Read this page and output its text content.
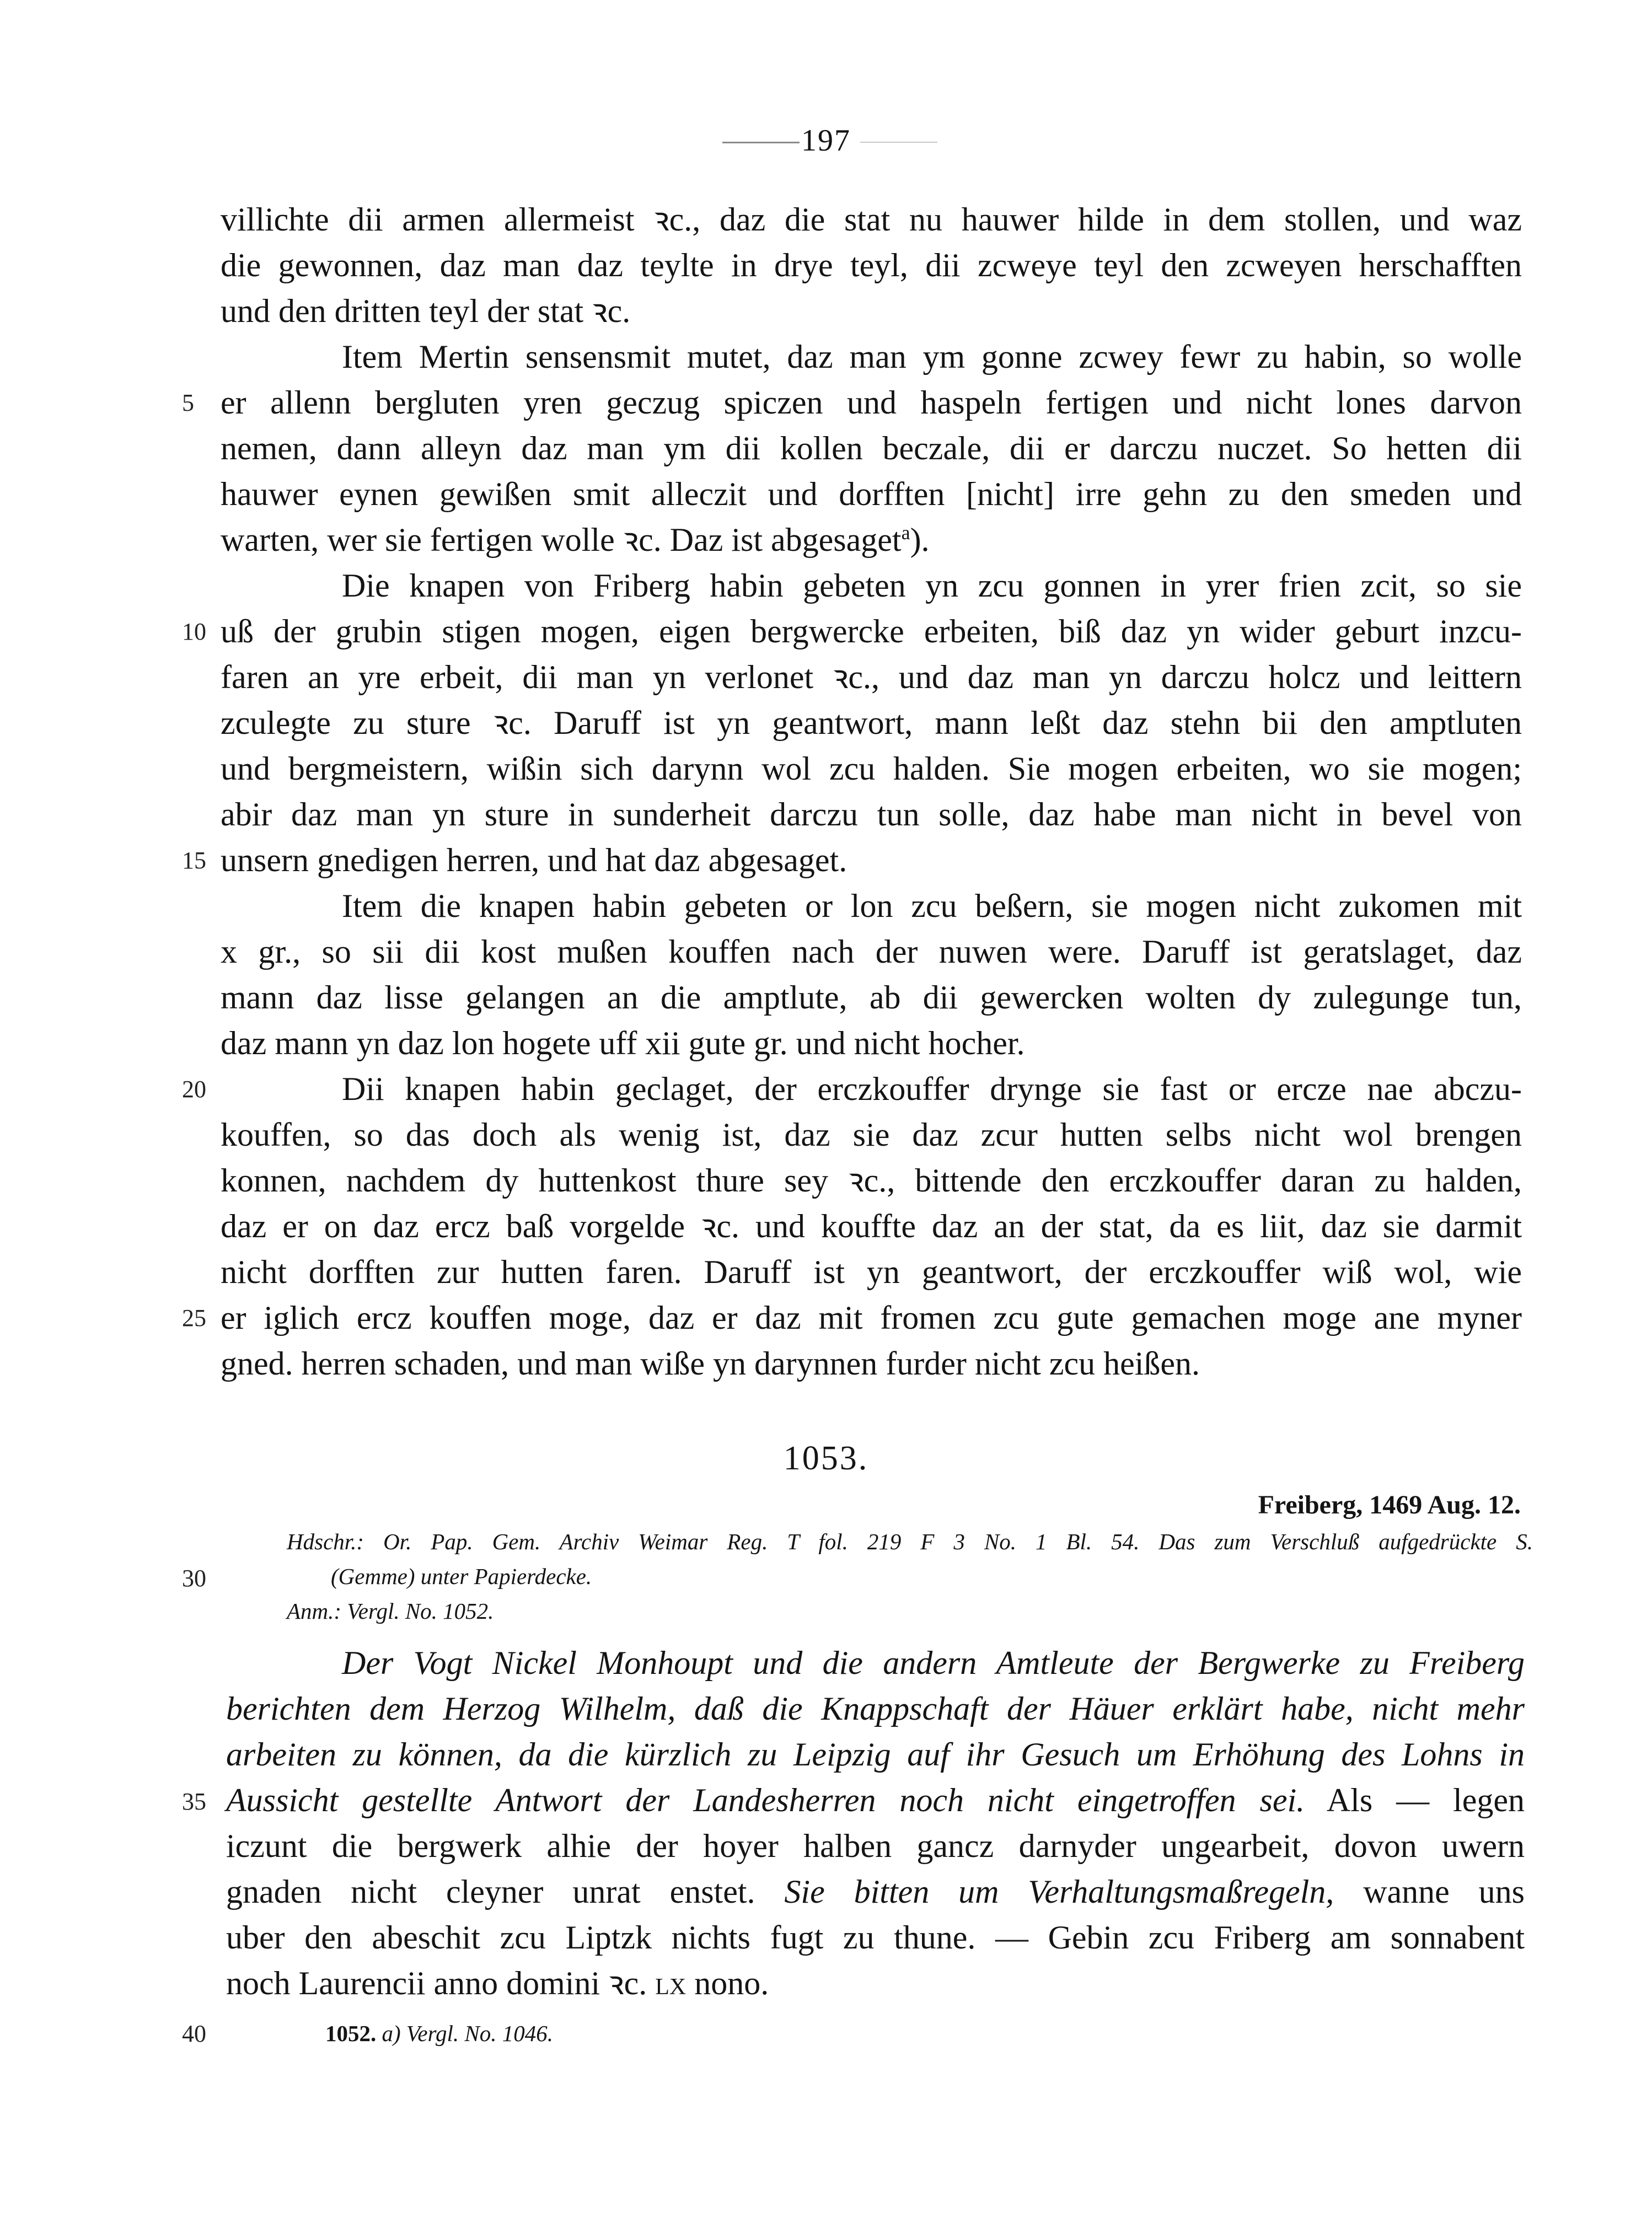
197
villichte dii armen allermeist ꝛc., daz die stat nu hauwer hilde in dem stollen, und waz
die gewonnen, daz man daz teylte in drye teyl, dii zcweye teyl den zcweyen herschafften
und den dritten teyl der stat ꝛc.
Item Mertin sensensmit mutet, daz man ym gonne zcwey fewr zu habin, so wolle
er allenn bergluten yren geczug spiczen und haspeln fertigen und nicht lones darvon
nemen, dann alleyn daz man ym dii kollen beczale, dii er darczu nuczet. So hetten dii
hauwer eynen gewißen smit alleczit und dorfften [nicht] irre gehn zu den smeden und
warten, wer sie fertigen wolle ꝛc. Daz ist abgesaget$^a$).
Die knapen von Friberg habin gebeten yn zcu gonnen in yrer frien zcit, so sie
uß der grubin stigen mogen, eigen bergwercke erbeiten, biß daz yn wider geburt inzcu-
faren an yre erbeit, dii man yn verlonet ꝛc., und daz man yn darczu holcz und leittern
zculegte zu sture ꝛc. Daruff ist yn geantwort, mann leßt daz stehn bii den amptluten
und bergmeistern, wißin sich darynn wol zcu halden. Sie mogen erbeiten, wo sie mogen;
abir daz man yn sture in sunderheit darczu tun solle, daz habe man nicht in bevel von
unsern gnedigen herren, und hat daz abgesaget.
Item die knapen habin gebeten or lon zcu beßern, sie mogen nicht zukomen mit
x gr., so sii dii kost mußen kouffen nach der nuwen were. Daruff ist geratslaget, daz
mann daz lisse gelangen an die amptlute, ab dii gewercken wolten dy zulegunge tun,
daz mann yn daz lon hogete uff xii gute gr. und nicht hocher.
Dii knapen habin geclaget, der erczkouffer drynge sie fast or ercze nae abczu-
kouffen, so das doch als wenig ist, daz sie daz zcur hutten selbs nicht wol brengen
konnen, nachdem dy huttenkost thure sey ꝛc., bittende den erczkouffer daran zu halden,
daz er on daz ercz baß vorgelde ꝛc. und kouffte daz an der stat, da es liit, daz sie darmit
nicht dorfften zur hutten faren. Daruff ist yn geantwort, der erczkouffer wiß wol, wie
er iglich ercz kouffen moge, daz er daz mit fromen zcu gute gemachen moge ane myner
gned. herren schaden, und man wiße yn darynnen furder nicht zcu heißen.
5
10
15
20
25
30
35
40
1053.
Freiberg, 1469 Aug. 12.
Hdschr.: Or. Pap. Gem. Archiv Weimar Reg. T fol. 219 F 3 No. 1 Bl. 54. Das zum Verschluß aufgedrückte S.
(Gemme) unter Papierdecke.
Anm.: Vergl. No. 1052.
Der Vogt Nickel Monhoupt und die andern Amtleute der Bergwerke zu Freiberg
berichten dem Herzog Wilhelm, daß die Knappschaft der Häuer erklärt habe, nicht mehr
arbeiten zu können, da die kürzlich zu Leipzig auf ihr Gesuch um Erhöhung des Lohns in
Aussicht gestellte Antwort der Landesherren noch nicht eingetroffen sei. Als — legen
iczunt die bergwerk alhie der hoyer halben gancz darnyder ungearbeit, dovon uwern
gnaden nicht cleyner unrat enstet. Sie bitten um Verhaltungsmaßregeln, wanne uns
uber den abeschit zcu Liptzk nichts fugt zu thune. — Gebin zcu Friberg am sonnabent
noch Laurencii anno domini ꝛc. lx nono.
1052. a) Vergl. No. 1046.
